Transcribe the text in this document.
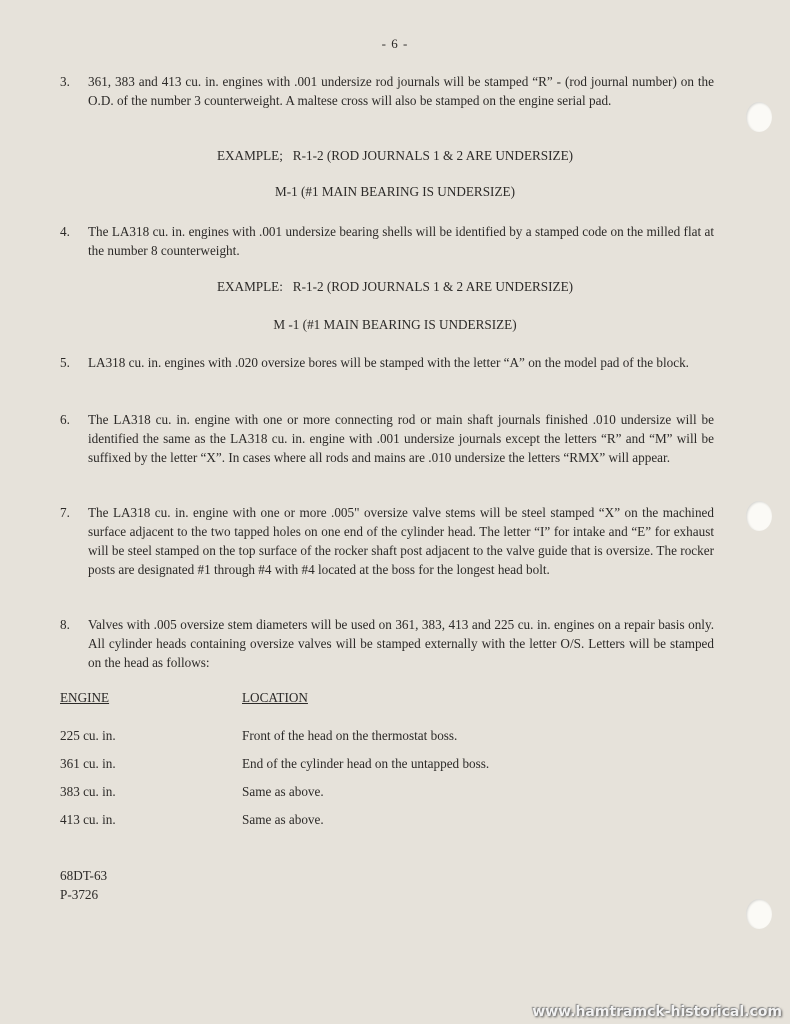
- 6 -
3. 361, 383 and 413 cu. in. engines with .001 undersize rod journals will be stamped “R” - (rod journal number) on the O.D. of the number 3 counterweight. A maltese cross will also be stamped on the engine serial pad.
EXAMPLE;   R-1-2 (ROD JOURNALS 1 & 2 ARE UNDERSIZE)
M-1 (#1 MAIN BEARING IS UNDERSIZE)
4. The LA318 cu. in. engines with .001 undersize bearing shells will be identified by a stamped code on the milled flat at the number 8 counterweight.
EXAMPLE:   R-1-2 (ROD JOURNALS 1 & 2 ARE UNDERSIZE)
M -1 (#1 MAIN BEARING IS UNDERSIZE)
5. LA318 cu. in. engines with .020 oversize bores will be stamped with the letter “A” on the model pad of the block.
6. The LA318 cu. in. engine with one or more connecting rod or main shaft journals finished .010 undersize will be identified the same as the LA318 cu. in. engine with .001 undersize journals except the letters “R” and “M” will be suffixed by the letter “X”. In cases where all rods and mains are .010 undersize the letters “RMX” will appear.
7. The LA318 cu. in. engine with one or more .005" oversize valve stems will be steel stamped “X” on the machined surface adjacent to the two tapped holes on one end of the cylinder head. The letter “I” for intake and “E” for exhaust will be steel stamped on the top surface of the rocker shaft post adjacent to the valve guide that is oversize. The rocker posts are designated #1 through #4 with #4 located at the boss for the longest head bolt.
8. Valves with .005 oversize stem diameters will be used on 361, 383, 413 and 225 cu. in. engines on a repair basis only. All cylinder heads containing oversize valves will be stamped externally with the letter O/S. Letters will be stamped on the head as follows:
ENGINE	LOCATION
225 cu. in.	Front of the head on the thermostat boss.
361 cu. in.	End of the cylinder head on the untapped boss.
383 cu. in.	Same as above.
413 cu. in.	Same as above.
68DT-63
P-3726
www.hamtramck-historical.com
